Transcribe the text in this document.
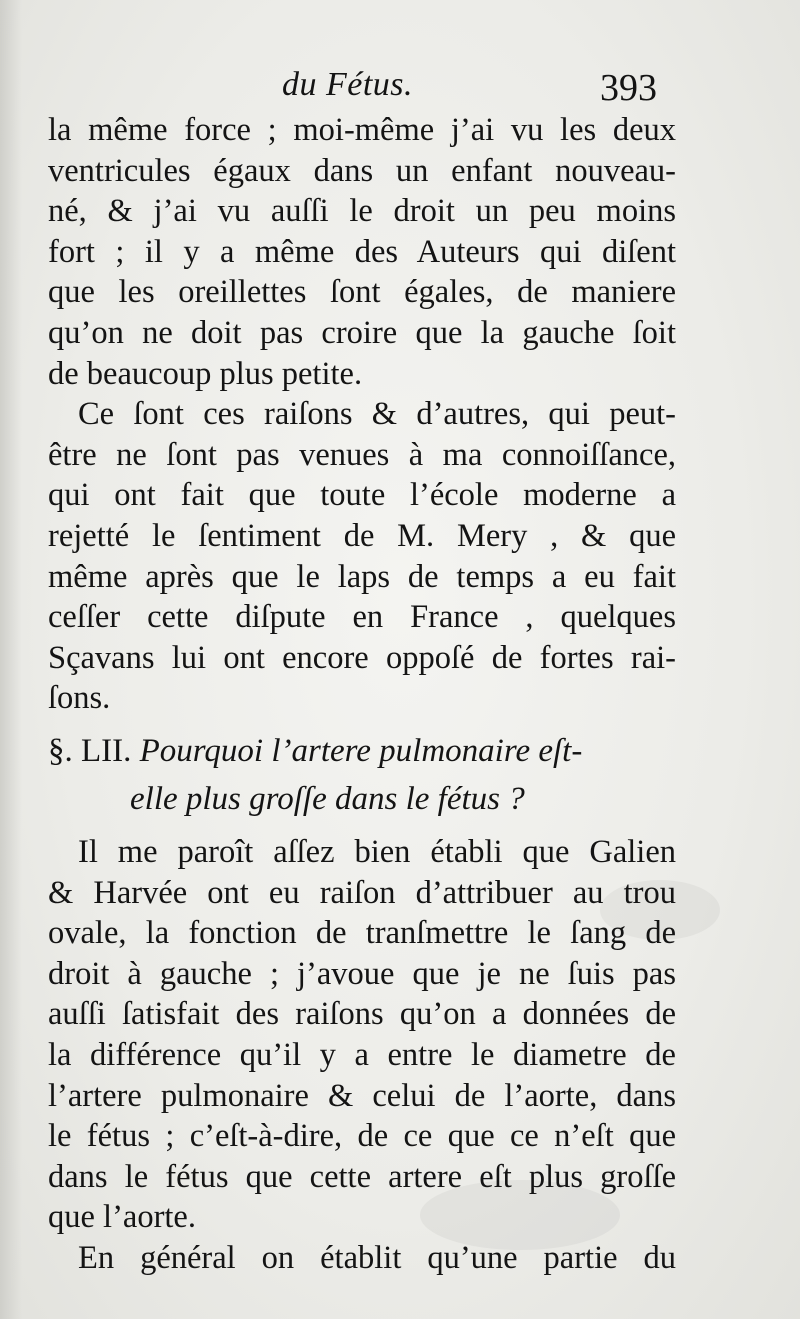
du Fétus.	393
la même force ; moi-même j’ai vu les deux
ventricules égaux dans un enfant nouveau-
né, & j’ai vu auſſi le droit un peu moins
fort ; il y a même des Auteurs qui diſent
que les oreillettes ſont égales, de maniere
qu’on ne doit pas croire que la gauche ſoit
de beaucoup plus petite.
Ce ſont ces raiſons & d’autres, qui peut-
être ne ſont pas venues à ma connoiſſance,
qui ont fait que toute l’école moderne a
rejetté le ſentiment de M. Mery , & que
même après que le laps de temps a eu fait
ceſſer cette diſpute en France , quelques
Sçavans lui ont encore oppoſé de fortes rai-
ſons.
§. LII. Pourquoi l’artere pulmonaire eſt-
elle plus groſſe dans le fétus ?
Il me paroît aſſez bien établi que Galien
& Harvée ont eu raiſon d’attribuer au trou
ovale, la fonction de tranſmettre le ſang de
droit à gauche ; j’avoue que je ne ſuis pas
auſſi ſatisfait des raiſons qu’on a données de
la différence qu’il y a entre le diametre de
l’artere pulmonaire & celui de l’aorte, dans
le fétus ; c’eſt-à-dire, de ce que ce n’eſt que
dans le fétus que cette artere eſt plus groſſe
que l’aorte.
En général on établit qu’une partie du
